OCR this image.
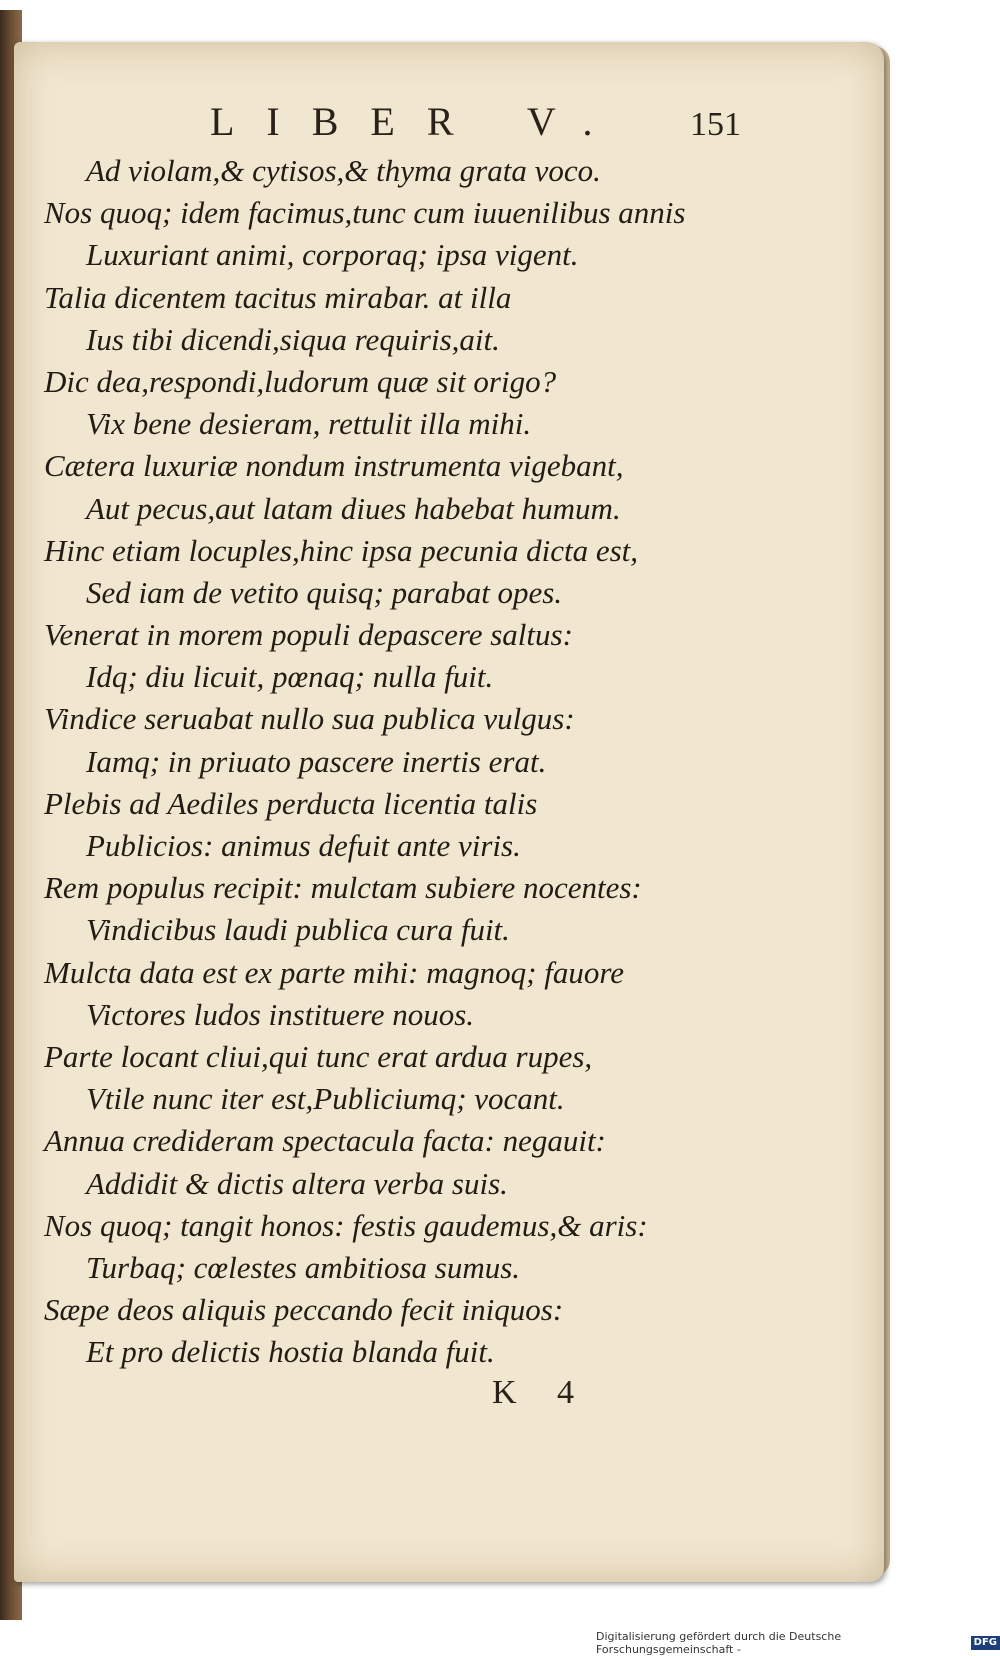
LIBER V. 151
Ad violam,& cytisos,& thyma grata voco.
Nos quoq; idem facimus,tunc cum iuuenilibus annis
Luxuriant animi, corporaq; ipsa vigent.
Talia dicentem tacitus mirabar. at illa
Ius tibi dicendi,siqua requiris,ait.
Dic dea,respondi,ludorum quæ sit origo?
Vix bene desieram, rettulit illa mihi.
Cætera luxuriæ nondum instrumenta vigebant,
Aut pecus,aut latam diues habebat humum.
Hinc etiam locuples,hinc ipsa pecunia dicta est,
Sed iam de vetito quisq; parabat opes.
Venerat in morem populi depascere saltus:
Idq; diu licuit, pœnaq; nulla fuit.
Vindice seruabat nullo sua publica vulgus:
Iamq; in priuato pascere inertis erat.
Plebis ad Aediles perducta licentia talis
Publicios: animus defuit ante viris.
Rem populus recipit: mulctam subiere nocentes:
Vindicibus laudi publica cura fuit.
Mulcta data est ex parte mihi: magnoq; fauore
Victores ludos instituere nouos.
Parte locant cliui,qui tunc erat ardua rupes,
Vtile nunc iter est,Publiciumq; vocant.
Annua credideram spectacula facta: negauit:
Addidit & dictis altera verba suis.
Nos quoq; tangit honos: festis gaudemus,& aris:
Turbaq; cœlestes ambitiosa sumus.
Sæpe deos aliquis peccando fecit iniquos:
Et pro delictis hostia blanda fuit.
K 4
Digitalisierung gefördert durch die Deutsche Forschungsgemeinschaft -
DFG
